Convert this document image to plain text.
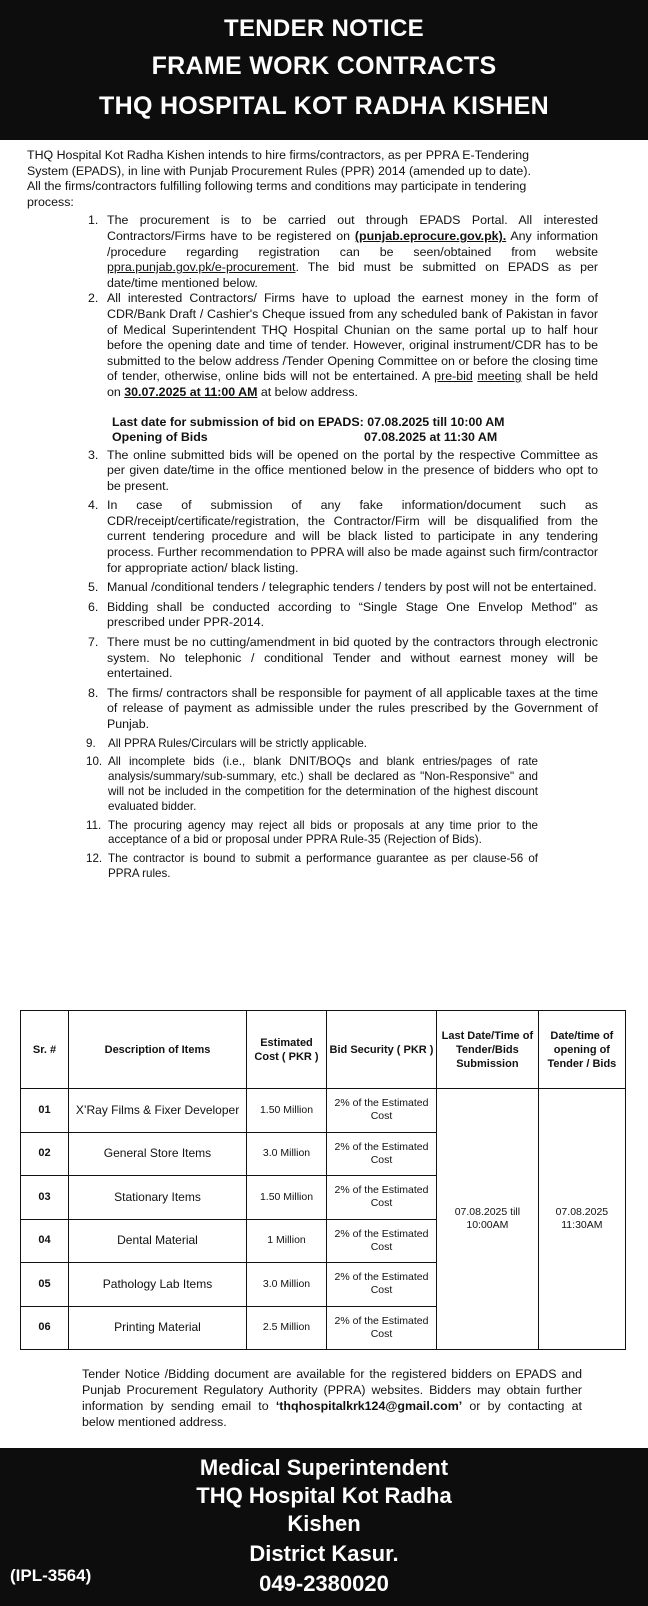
TENDER NOTICE
FRAME WORK CONTRACTS
THQ HOSPITAL KOT RADHA KISHEN

THQ Hospital Kot Radha Kishen intends to hire firms/contractors, as per PPRA E-Tendering System (EPADS), in line with Punjab Procurement Rules (PPR) 2014 (amended up to date). All the firms/contractors fulfilling following terms and conditions may participate in tendering process:

1. The procurement is to be carried out through EPADS Portal. All interested Contractors/Firms have to be registered on (punjab.eprocure.gov.pk). Any information /procedure regarding registration can be seen/obtained from website ppra.punjab.gov.pk/e-procurement. The bid must be submitted on EPADS as per date/time mentioned below.
2. All interested Contractors/ Firms have to upload the earnest money in the form of CDR/Bank Draft / Cashier's Cheque issued from any scheduled bank of Pakistan in favor of Medical Superintendent THQ Hospital Chunian on the same portal up to half hour before the opening date and time of tender. However, original instrument/CDR has to be submitted to the below address /Tender Opening Committee on or before the closing time of tender, otherwise, online bids will not be entertained. A pre-bid meeting shall be held on 30.07.2025 at 11:00 AM at below address.
Last date for submission of bid on EPADS:
07.08.2025 till 10:00 AM
Opening of Bids	07.08.2025 at 11:30 AM
3. The online submitted bids will be opened on the portal by the respective Committee as per given date/time in the office mentioned below in the presence of bidders who opt to be present.
4. In case of submission of any fake information/document such as CDR/receipt/certificate/registration, the Contractor/Firm will be disqualified from the current tendering procedure and will be black listed to participate in any tendering process. Further recommendation to PPRA will also be made against such firm/contractor for appropriate action/ black listing.
5. Manual /conditional tenders / telegraphic tenders / tenders by post will not be entertained.
6. Bidding shall be conducted according to “Single Stage One Envelop Method” as prescribed under PPR-2014.
7. There must be no cutting/amendment in bid quoted by the contractors through electronic system. No telephonic / conditional Tender and without earnest money will be entertained.
8. The firms/ contractors shall be responsible for payment of all applicable taxes at the time of release of payment as admissible under the rules prescribed by the Government of Punjab.
9. All PPRA Rules/Circulars will be strictly applicable.
10. All incomplete bids (i.e., blank DNIT/BOQs and blank entries/pages of rate analysis/summary/sub-summary, etc.) shall be declared as "Non-Responsive" and will not be included in the competition for the determination of the highest discount evaluated bidder.
11. The procuring agency may reject all bids or proposals at any time prior to the acceptance of a bid or proposal under PPRA Rule-35 (Rejection of Bids).
12. The contractor is bound to submit a performance guarantee as per clause-56 of PPRA rules.
Sr. #	Description of Items	Estimated Cost ( PKR )	Bid Security ( PKR )	Last Date/Time of Tender/Bids Submission	Date/time of opening of Tender / Bids
01	X’Ray Films & Fixer Developer	1.50 Million	2% of the Estimated Cost	07.08.2025 till 10:00AM	07.08.2025 11:30AM
02	General Store Items	3.0 Million	2% of the Estimated Cost		
03	Stationary Items	1.50 Million	2% of the Estimated Cost		
04	Dental Material	1 Million	2% of the Estimated Cost		
05	Pathology Lab Items	3.0 Million	2% of the Estimated Cost		
06	Printing Material	2.5 Million	2% of the Estimated Cost		

Tender Notice /Bidding document are available for the registered bidders on EPADS and Punjab Procurement Regulatory Authority (PPRA) websites. Bidders may obtain further information by sending email to ‘thqhospitalkrk124@gmail.com’ or by contacting at below mentioned address.

Medical Superintendent
THQ Hospital Kot Radha
Kishen
District Kasur.
049-2380020
(IPL-3564)
